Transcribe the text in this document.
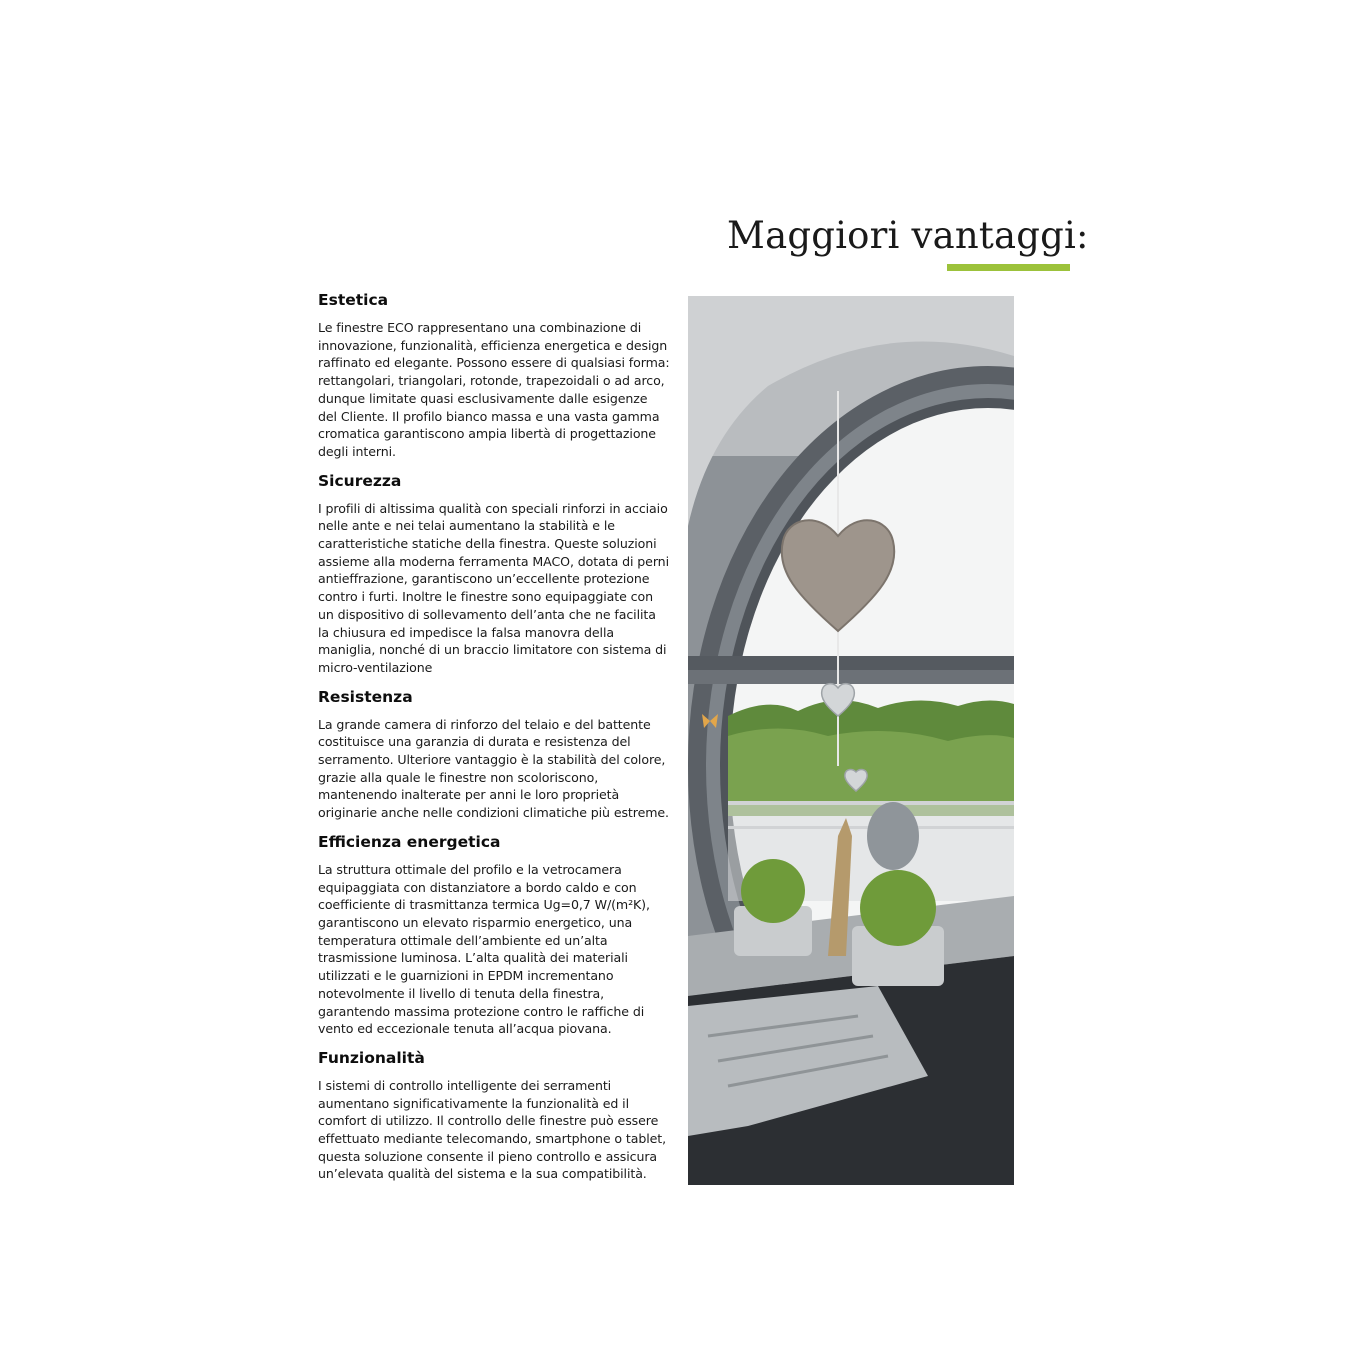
Maggiori vantaggi:
Estetica

Le finestre ECO rappresentano una combinazione di innovazione, funzionalità, efficienza energetica e design raffinato ed elegante. Possono essere di qualsiasi forma: rettangolari, triangolari, rotonde, trapezoidali o ad arco, dunque limitate quasi esclusivamente dalle esigenze del Cliente. Il profilo bianco massa e una vasta gamma cromatica garantiscono ampia libertà di progettazione degli interni.

Sicurezza

I profili di altissima qualità con speciali rinforzi in acciaio nelle ante e nei telai aumentano la stabilità e le caratteristiche statiche della finestra. Queste soluzioni assieme alla moderna ferramenta MACO, dotata di perni antieffrazione, garantiscono un’eccellente protezione contro i furti. Inoltre le finestre sono equipaggiate con un dispositivo di sollevamento dell’anta che ne facilita la chiusura ed impedisce la falsa manovra della maniglia, nonché di un braccio limitatore con sistema di micro-ventilazione

Resistenza

La grande camera di rinforzo del telaio e del battente costituisce una garanzia di durata e resistenza del serramento. Ulteriore vantaggio è la stabilità del colore, grazie alla quale le finestre non scoloriscono, mantenendo inalterate per anni le loro proprietà originarie anche nelle condizioni climatiche più estreme.

Efficienza energetica

La struttura ottimale del profilo e la vetrocamera equipaggiata con distanziatore a bordo caldo e con coefficiente di trasmittanza termica Ug=0,7 W/(m²K), garantiscono un elevato risparmio energetico, una temperatura ottimale dell’ambiente ed un’alta trasmissione luminosa. L’alta qualità dei materiali utilizzati e le guarnizioni in EPDM incrementano notevolmente il livello di tenuta della finestra, garantendo massima protezione contro le raffiche di vento ed eccezionale tenuta all’acqua piovana.

Funzionalità

I sistemi di controllo intelligente dei serramenti aumentano significativamente la funzionalità ed il comfort di utilizzo. Il controllo delle finestre può essere effettuato mediante telecomando, smartphone o tablet, questa soluzione consente il pieno controllo e assicura un’elevata qualità del sistema e la sua compatibilità.
